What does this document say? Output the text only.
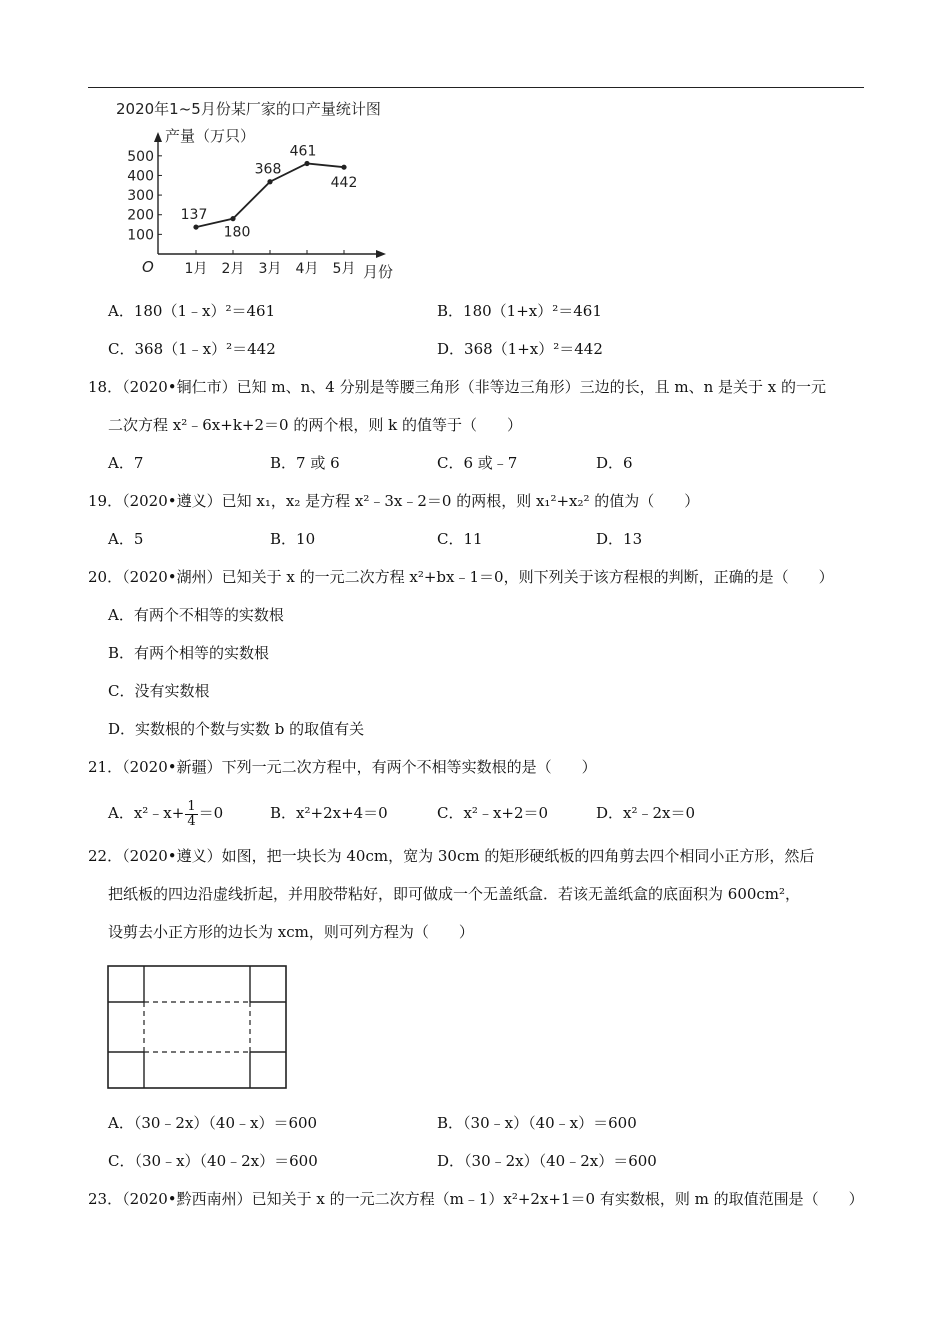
2020年1~5月份某厂家的口产量统计图
产量（万只）
100
200
300
400
500
1月 2月 3月 4月 5月
137
180
368
461
442
O	月份
A．180（1﹣x）²＝461	B．180（1+x）²＝461
C．368（1﹣x）²＝442	D．368（1+x）²＝442
18．（2020•铜仁市）已知 m、n、4 分别是等腰三角形（非等边三角形）三边的长，且 m、n 是关于 x 的一元
二次方程 x²﹣6x+k+2＝0 的两个根，则 k 的值等于（　　）
A．7	B．7 或 6	C．6 或﹣7	D．6
19．（2020•遵义）已知 x₁，x₂ 是方程 x²﹣3x﹣2＝0 的两根，则 x₁²+x₂² 的值为（　　）
A．5	B．10	C．11	D．13
20．（2020•湖州）已知关于 x 的一元二次方程 x²+bx﹣1＝0，则下列关于该方程根的判断，正确的是（　　）
A．有两个不相等的实数根
B．有两个相等的实数根
C．没有实数根
D．实数根的个数与实数 b 的取值有关
21．（2020•新疆）下列一元二次方程中，有两个不相等实数根的是（　　）
A．x²﹣x+ $\frac{1}{4} =0$	B．x²+2x+4＝0	C．x²﹣x+2＝0	D．x²﹣2x＝0
22．（2020•遵义）如图，把一块长为 40cm，宽为 30cm 的矩形硬纸板的四角剪去四个相同小正方形，然后
把纸板的四边沿虚线折起，并用胶带粘好，即可做成一个无盖纸盒．若该无盖纸盒的底面积为 600cm²，
设剪去小正方形的边长为 xcm，则可列方程为（　　）
A．（30﹣2x）（40﹣x）＝600	B．（30﹣x）（40﹣x）＝600
C．（30﹣x）（40﹣2x）＝600	D．（30﹣2x）（40﹣2x）＝600
23．（2020•黔西南州）已知关于 x 的一元二次方程（m﹣1）x²+2x+1＝0 有实数根，则 m 的取值范围是（　　）
